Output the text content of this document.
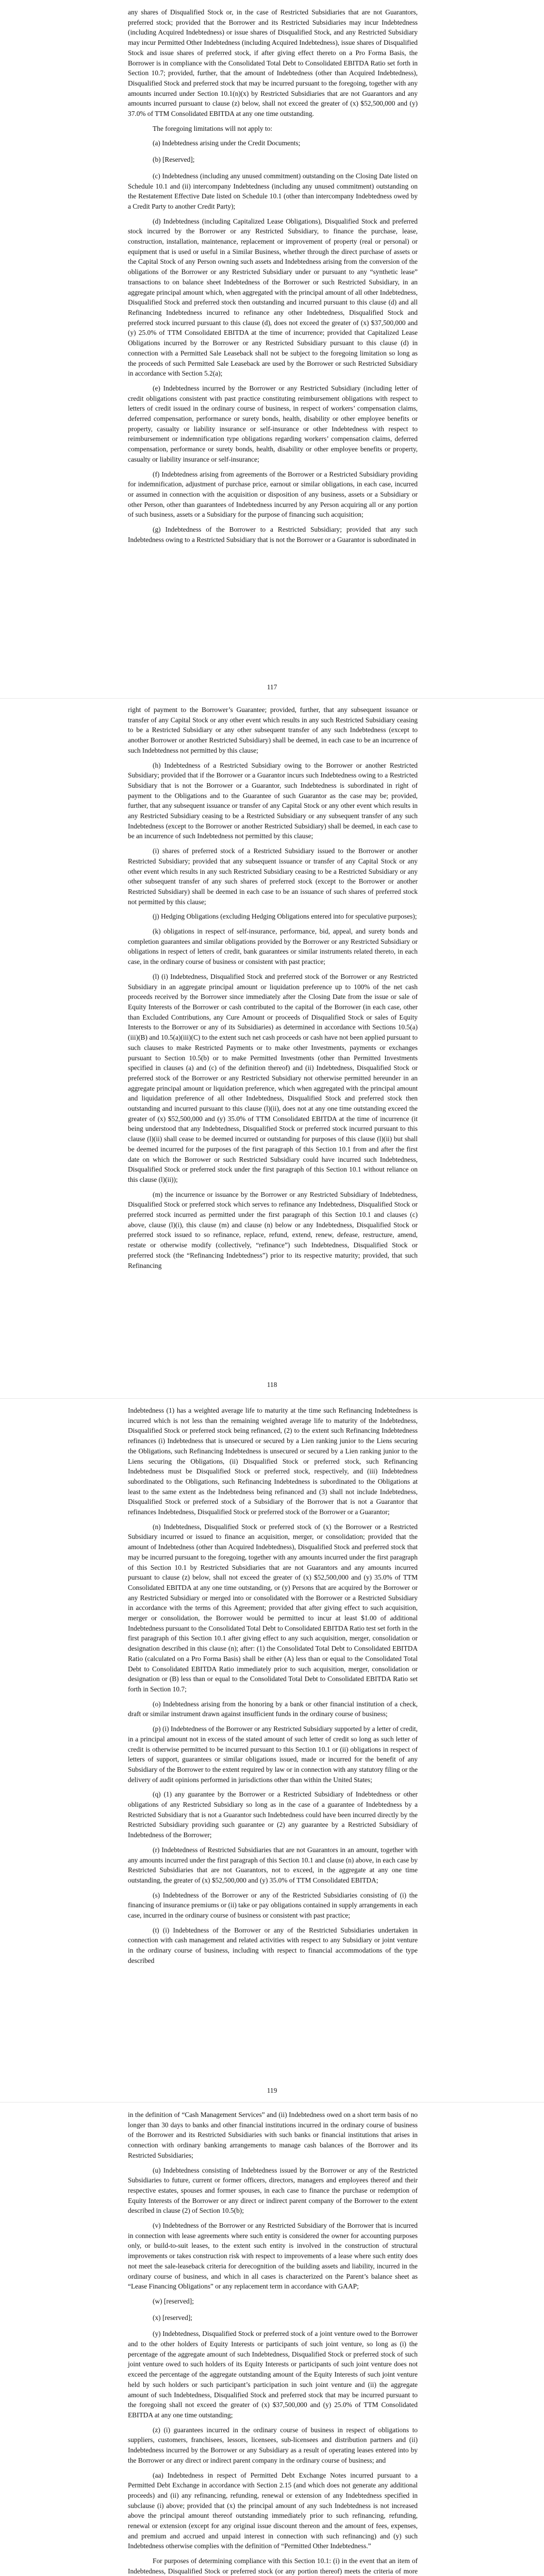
any shares of Disqualified Stock or, in the case of Restricted Subsidiaries that are not Guarantors, preferred stock; provided that the Borrower and its Restricted Subsidiaries may incur Indebtedness (including Acquired Indebtedness) or issue shares of Disqualified Stock, and any Restricted Subsidiary may incur Permitted Other Indebtedness (including Acquired Indebtedness), issue shares of Disqualified Stock and issue shares of preferred stock, if after giving effect thereto on a Pro Forma Basis, the Borrower is in compliance with the Consolidated Total Debt to Consolidated EBITDA Ratio set forth in Section 10.7; provided, further, that the amount of Indebtedness (other than Acquired Indebtedness), Disqualified Stock and preferred stock that may be incurred pursuant to the foregoing, together with any amounts incurred under Section 10.1(n)(x) by Restricted Subsidiaries that are not Guarantors and any amounts incurred pursuant to clause (z) below, shall not exceed the greater of (x) $52,500,000 and (y) 37.0% of TTM Consolidated EBITDA at any one time outstanding.

The foregoing limitations will not apply to:

(a) Indebtedness arising under the Credit Documents;

(b) [Reserved];

(c) Indebtedness (including any unused commitment) outstanding on the Closing Date listed on Schedule 10.1 and (ii) intercompany Indebtedness (including any unused commitment) outstanding on the Restatement Effective Date listed on Schedule 10.1 (other than intercompany Indebtedness owed by a Credit Party to another Credit Party);

(d) Indebtedness (including Capitalized Lease Obligations), Disqualified Stock and preferred stock incurred by the Borrower or any Restricted Subsidiary, to finance the purchase, lease, construction, installation, maintenance, replacement or improvement of property (real or personal) or equipment that is used or useful in a Similar Business, whether through the direct purchase of assets or the Capital Stock of any Person owning such assets and Indebtedness arising from the conversion of the obligations of the Borrower or any Restricted Subsidiary under or pursuant to any “synthetic lease” transactions to on balance sheet Indebtedness of the Borrower or such Restricted Subsidiary, in an aggregate principal amount which, when aggregated with the principal amount of all other Indebtedness, Disqualified Stock and preferred stock then outstanding and incurred pursuant to this clause (d) and all Refinancing Indebtedness incurred to refinance any other Indebtedness, Disqualified Stock and preferred stock incurred pursuant to this clause (d), does not exceed the greater of (x) $37,500,000 and (y) 25.0% of TTM Consolidated EBITDA at the time of incurrence; provided that Capitalized Lease Obligations incurred by the Borrower or any Restricted Subsidiary pursuant to this clause (d) in connection with a Permitted Sale Leaseback shall not be subject to the foregoing limitation so long as the proceeds of such Permitted Sale Leaseback are used by the Borrower or such Restricted Subsidiary in accordance with Section 5.2(a);

(e) Indebtedness incurred by the Borrower or any Restricted Subsidiary (including letter of credit obligations consistent with past practice constituting reimbursement obligations with respect to letters of credit issued in the ordinary course of business, in respect of workers’ compensation claims, deferred compensation, performance or surety bonds, health, disability or other employee benefits or property, casualty or liability insurance or self-insurance or other Indebtedness with respect to reimbursement or indemnification type obligations regarding workers’ compensation claims, deferred compensation, performance or surety bonds, health, disability or other employee benefits or property, casualty or liability insurance or self-insurance;

(f) Indebtedness arising from agreements of the Borrower or a Restricted Subsidiary providing for indemnification, adjustment of purchase price, earnout or similar obligations, in each case, incurred or assumed in connection with the acquisition or disposition of any business, assets or a Subsidiary or other Person, other than guarantees of Indebtedness incurred by any Person acquiring all or any portion of such business, assets or a Subsidiary for the purpose of financing such acquisition;

(g) Indebtedness of the Borrower to a Restricted Subsidiary; provided that any such Indebtedness owing to a Restricted Subsidiary that is not the Borrower or a Guarantor is subordinated in

117

right of payment to the Borrower’s Guarantee; provided, further, that any subsequent issuance or transfer of any Capital Stock or any other event which results in any such Restricted Subsidiary ceasing to be a Restricted Subsidiary or any other subsequent transfer of any such Indebtedness (except to another Borrower or another Restricted Subsidiary) shall be deemed, in each case to be an incurrence of such Indebtedness not permitted by this clause;

(h) Indebtedness of a Restricted Subsidiary owing to the Borrower or another Restricted Subsidiary; provided that if the Borrower or a Guarantor incurs such Indebtedness owing to a Restricted Subsidiary that is not the Borrower or a Guarantor, such Indebtedness is subordinated in right of payment to the Obligations and to the Guarantee of such Guarantor as the case may be; provided, further, that any subsequent issuance or transfer of any Capital Stock or any other event which results in any Restricted Subsidiary ceasing to be a Restricted Subsidiary or any subsequent transfer of any such Indebtedness (except to the Borrower or another Restricted Subsidiary) shall be deemed, in each case to be an incurrence of such Indebtedness not permitted by this clause;

(i) shares of preferred stock of a Restricted Subsidiary issued to the Borrower or another Restricted Subsidiary; provided that any subsequent issuance or transfer of any Capital Stock or any other event which results in any such Restricted Subsidiary ceasing to be a Restricted Subsidiary or any other subsequent transfer of any such shares of preferred stock (except to the Borrower or another Restricted Subsidiary) shall be deemed in each case to be an issuance of such shares of preferred stock not permitted by this clause;

(j) Hedging Obligations (excluding Hedging Obligations entered into for speculative purposes);

(k) obligations in respect of self-insurance, performance, bid, appeal, and surety bonds and completion guarantees and similar obligations provided by the Borrower or any Restricted Subsidiary or obligations in respect of letters of credit, bank guarantees or similar instruments related thereto, in each case, in the ordinary course of business or consistent with past practice;

(l) (i) Indebtedness, Disqualified Stock and preferred stock of the Borrower or any Restricted Subsidiary in an aggregate principal amount or liquidation preference up to 100% of the net cash proceeds received by the Borrower since immediately after the Closing Date from the issue or sale of Equity Interests of the Borrower or cash contributed to the capital of the Borrower (in each case, other than Excluded Contributions, any Cure Amount or proceeds of Disqualified Stock or sales of Equity Interests to the Borrower or any of its Subsidiaries) as determined in accordance with Sections 10.5(a)(iii)(B) and 10.5(a)(iii)(C) to the extent such net cash proceeds or cash have not been applied pursuant to such clauses to make Restricted Payments or to make other Investments, payments or exchanges pursuant to Section 10.5(b) or to make Permitted Investments (other than Permitted Investments specified in clauses (a) and (c) of the definition thereof) and (ii) Indebtedness, Disqualified Stock or preferred stock of the Borrower or any Restricted Subsidiary not otherwise permitted hereunder in an aggregate principal amount or liquidation preference, which when aggregated with the principal amount and liquidation preference of all other Indebtedness, Disqualified Stock and preferred stock then outstanding and incurred pursuant to this clause (l)(ii), does not at any one time outstanding exceed the greater of (x) $52,500,000 and (y) 35.0% of TTM Consolidated EBITDA at the time of incurrence (it being understood that any Indebtedness, Disqualified Stock or preferred stock incurred pursuant to this clause (l)(ii) shall cease to be deemed incurred or outstanding for purposes of this clause (l)(ii) but shall be deemed incurred for the purposes of the first paragraph of this Section 10.1 from and after the first date on which the Borrower or such Restricted Subsidiary could have incurred such Indebtedness, Disqualified Stock or preferred stock under the first paragraph of this Section 10.1 without reliance on this clause (l)(ii));

(m) the incurrence or issuance by the Borrower or any Restricted Subsidiary of Indebtedness, Disqualified Stock or preferred stock which serves to refinance any Indebtedness, Disqualified Stock or preferred stock incurred as permitted under the first paragraph of this Section 10.1 and clauses (c) above, clause (l)(i), this clause (m) and clause (n) below or any Indebtedness, Disqualified Stock or preferred stock issued to so refinance, replace, refund, extend, renew, defease, restructure, amend, restate or otherwise modify (collectively, “refinance”) such Indebtedness, Disqualified Stock or preferred stock (the “Refinancing Indebtedness”) prior to its respective maturity; provided, that such Refinancing

118

Indebtedness (1) has a weighted average life to maturity at the time such Refinancing Indebtedness is incurred which is not less than the remaining weighted average life to maturity of the Indebtedness, Disqualified Stock or preferred stock being refinanced, (2) to the extent such Refinancing Indebtedness refinances (i) Indebtedness that is unsecured or secured by a Lien ranking junior to the Liens securing the Obligations, such Refinancing Indebtedness is unsecured or secured by a Lien ranking junior to the Liens securing the Obligations, (ii) Disqualified Stock or preferred stock, such Refinancing Indebtedness must be Disqualified Stock or preferred stock, respectively, and (iii) Indebtedness subordinated to the Obligations, such Refinancing Indebtedness is subordinated to the Obligations at least to the same extent as the Indebtedness being refinanced and (3) shall not include Indebtedness, Disqualified Stock or preferred stock of a Subsidiary of the Borrower that is not a Guarantor that refinances Indebtedness, Disqualified Stock or preferred stock of the Borrower or a Guarantor;

(n) Indebtedness, Disqualified Stock or preferred stock of (x) the Borrower or a Restricted Subsidiary incurred or issued to finance an acquisition, merger, or consolidation; provided that the amount of Indebtedness (other than Acquired Indebtedness), Disqualified Stock and preferred stock that may be incurred pursuant to the foregoing, together with any amounts incurred under the first paragraph of this Section 10.1 by Restricted Subsidiaries that are not Guarantors and any amounts incurred pursuant to clause (z) below, shall not exceed the greater of (x) $52,500,000 and (y) 35.0% of TTM Consolidated EBITDA at any one time outstanding, or (y) Persons that are acquired by the Borrower or any Restricted Subsidiary or merged into or consolidated with the Borrower or a Restricted Subsidiary in accordance with the terms of this Agreement; provided that after giving effect to such acquisition, merger or consolidation, the Borrower would be permitted to incur at least $1.00 of additional Indebtedness pursuant to the Consolidated Total Debt to Consolidated EBITDA Ratio test set forth in the first paragraph of this Section 10.1 after giving effect to any such acquisition, merger, consolidation or designation described in this clause (n); after: (1) the Consolidated Total Debt to Consolidated EBITDA Ratio (calculated on a Pro Forma Basis) shall be either (A) less than or equal to the Consolidated Total Debt to Consolidated EBITDA Ratio immediately prior to such acquisition, merger, consolidation or designation or (B) less than or equal to the Consolidated Total Debt to Consolidated EBITDA Ratio set forth in Section 10.7;

(o) Indebtedness arising from the honoring by a bank or other financial institution of a check, draft or similar instrument drawn against insufficient funds in the ordinary course of business;

(p) (i) Indebtedness of the Borrower or any Restricted Subsidiary supported by a letter of credit, in a principal amount not in excess of the stated amount of such letter of credit so long as such letter of credit is otherwise permitted to be incurred pursuant to this Section 10.1 or (ii) obligations in respect of letters of support, guarantees or similar obligations issued, made or incurred for the benefit of any Subsidiary of the Borrower to the extent required by law or in connection with any statutory filing or the delivery of audit opinions performed in jurisdictions other than within the United States;

(q) (1) any guarantee by the Borrower or a Restricted Subsidiary of Indebtedness or other obligations of any Restricted Subsidiary so long as in the case of a guarantee of Indebtedness by a Restricted Subsidiary that is not a Guarantor such Indebtedness could have been incurred directly by the Restricted Subsidiary providing such guarantee or (2) any guarantee by a Restricted Subsidiary of Indebtedness of the Borrower;

(r) Indebtedness of Restricted Subsidiaries that are not Guarantors in an amount, together with any amounts incurred under the first paragraph of this Section 10.1 and clause (n) above, in each case by Restricted Subsidiaries that are not Guarantors, not to exceed, in the aggregate at any one time outstanding, the greater of (x) $52,500,000 and (y) 35.0% of TTM Consolidated EBITDA;

(s) Indebtedness of the Borrower or any of the Restricted Subsidiaries consisting of (i) the financing of insurance premiums or (ii) take or pay obligations contained in supply arrangements in each case, incurred in the ordinary course of business or consistent with past practice;

(t) (i) Indebtedness of the Borrower or any of the Restricted Subsidiaries undertaken in connection with cash management and related activities with respect to any Subsidiary or joint venture in the ordinary course of business, including with respect to financial accommodations of the type described

119

in the definition of “Cash Management Services” and (ii) Indebtedness owed on a short term basis of no longer than 30 days to banks and other financial institutions incurred in the ordinary course of business of the Borrower and its Restricted Subsidiaries with such banks or financial institutions that arises in connection with ordinary banking arrangements to manage cash balances of the Borrower and its Restricted Subsidiaries;

(u) Indebtedness consisting of Indebtedness issued by the Borrower or any of the Restricted Subsidiaries to future, current or former officers, directors, managers and employees thereof and their respective estates, spouses and former spouses, in each case to finance the purchase or redemption of Equity Interests of the Borrower or any direct or indirect parent company of the Borrower to the extent described in clause (2) of Section 10.5(b);

(v) Indebtedness of the Borrower or any Restricted Subsidiary of the Borrower that is incurred in connection with lease agreements where such entity is considered the owner for accounting purposes only, or build-to-suit leases, to the extent such entity is involved in the construction of structural improvements or takes construction risk with respect to improvements of a lease where such entity does not meet the sale-leaseback criteria for derecognition of the building assets and liability, incurred in the ordinary course of business, and which in all cases is characterized on the Parent’s balance sheet as “Lease Financing Obligations” or any replacement term in accordance with GAAP;

(w) [reserved];

(x) [reserved];

(y) Indebtedness, Disqualified Stock or preferred stock of a joint venture owed to the Borrower and to the other holders of Equity Interests or participants of such joint venture, so long as (i) the percentage of the aggregate amount of such Indebtedness, Disqualified Stock or preferred stock of such joint venture owed to such holders of its Equity Interests or participants of such joint venture does not exceed the percentage of the aggregate outstanding amount of the Equity Interests of such joint venture held by such holders or such participant’s participation in such joint venture and (ii) the aggregate amount of such Indebtedness, Disqualified Stock and preferred stock that may be incurred pursuant to the foregoing shall not exceed the greater of (x) $37,500,000 and (y) 25.0% of TTM Consolidated EBITDA at any one time outstanding;

(z) (i) guarantees incurred in the ordinary course of business in respect of obligations to suppliers, customers, franchisees, lessors, licensees, sub-licensees and distribution partners and (ii) Indebtedness incurred by the Borrower or any Subsidiary as a result of operating leases entered into by the Borrower or any direct or indirect parent company in the ordinary course of business; and

(aa) Indebtedness in respect of Permitted Debt Exchange Notes incurred pursuant to a Permitted Debt Exchange in accordance with Section 2.15 (and which does not generate any additional proceeds) and (ii) any refinancing, refunding, renewal or extension of any Indebtedness specified in subclause (i) above; provided that (x) the principal amount of any such Indebtedness is not increased above the principal amount thereof outstanding immediately prior to such refinancing, refunding, renewal or extension (except for any original issue discount thereon and the amount of fees, expenses, and premium and accrued and unpaid interest in connection with such refinancing) and (y) such Indebtedness otherwise complies with the definition of “Permitted Other Indebtedness.”

For purposes of determining compliance with this Section 10.1: (i) in the event that an item of Indebtedness, Disqualified Stock or preferred stock (or any portion thereof) meets the criteria of more
